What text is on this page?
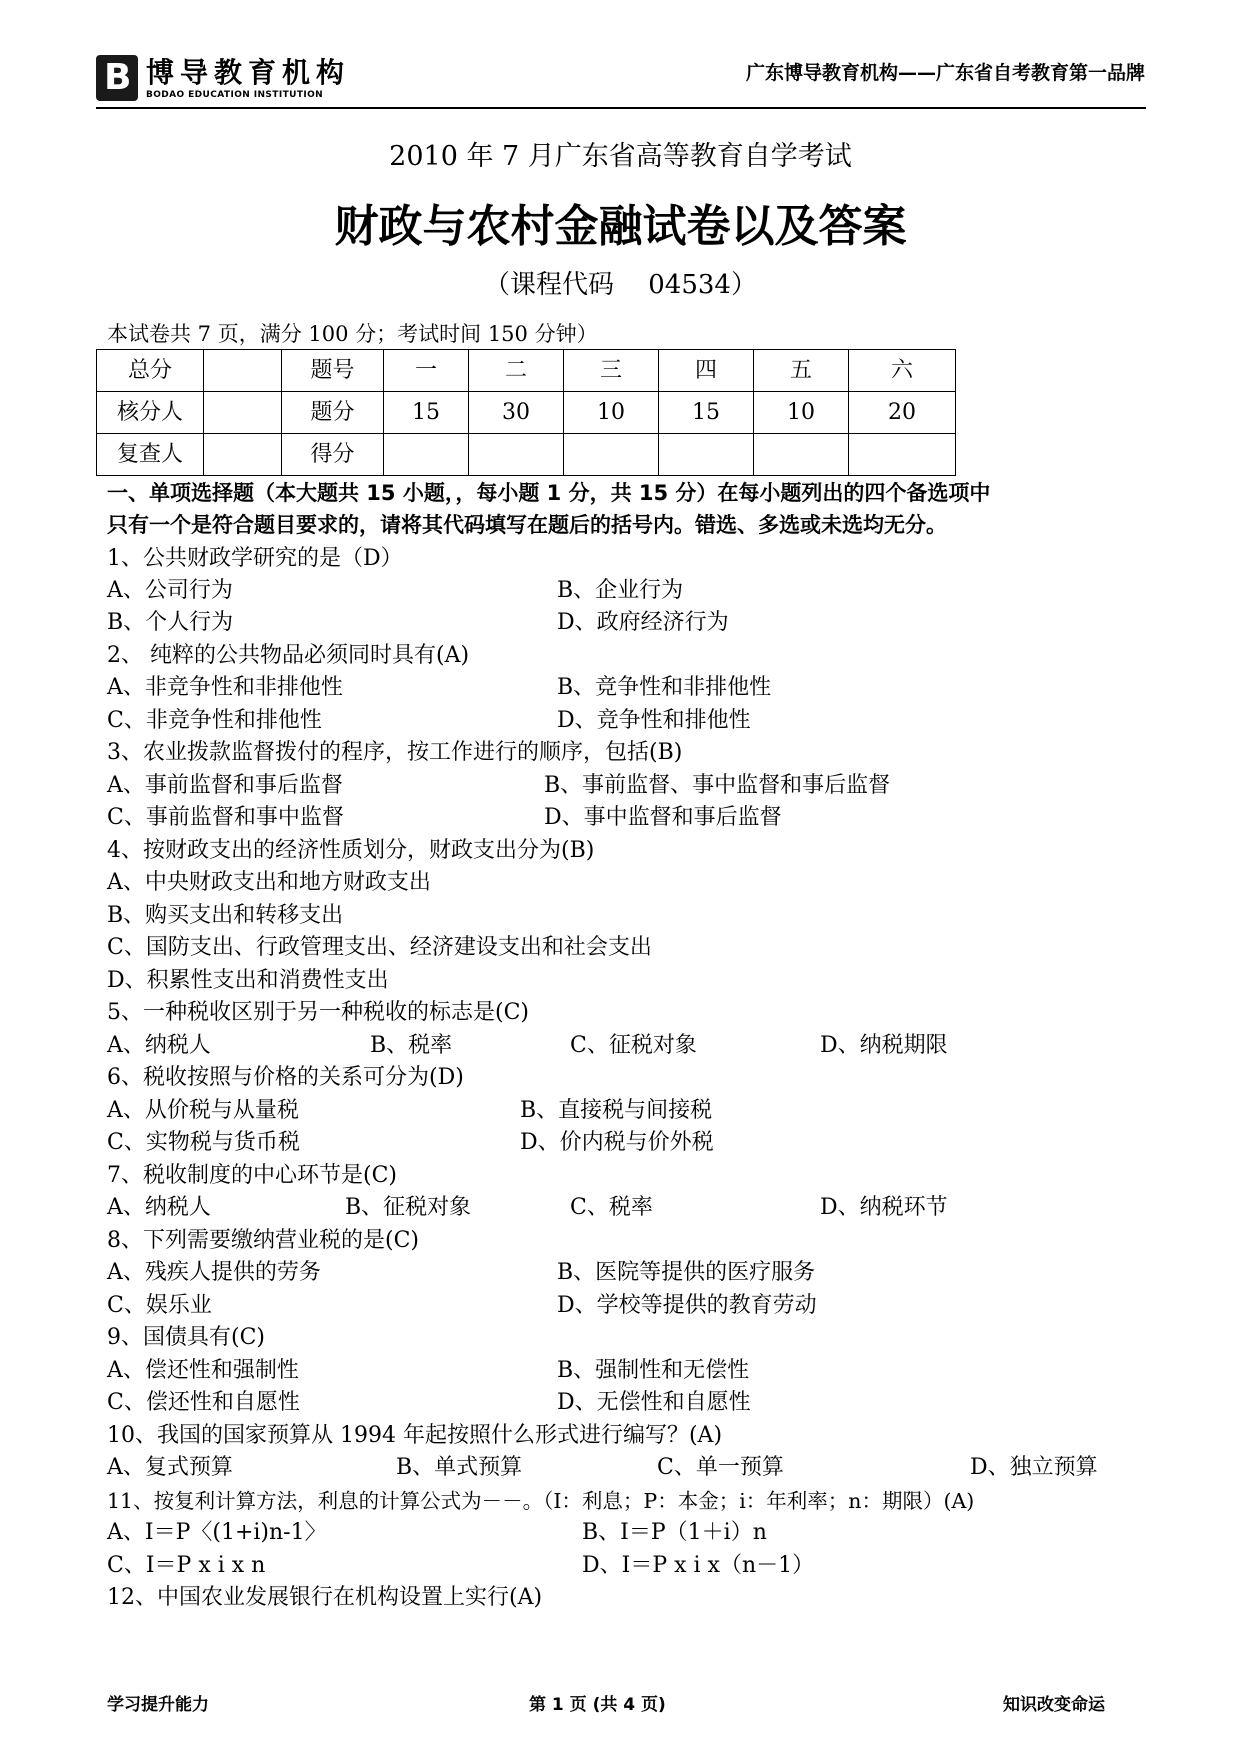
B 博导教育机构
BODAO EDUCATION INSTITUTION
广东博导教育机构——广东省自考教育第一品牌
2010 年 7 月广东省高等教育自学考试
财政与农村金融试卷以及答案
（课程代码　 04534）
本试卷共 7 页，满分 100 分；考试时间 150 分钟）
总分		题号	一	二	三	四	五	六
核分人		题分	15	30	10	15	10	20
复查人		得分						
一、单项选择题（本大题共 15 小题，，每小题 1 分，共 15 分）在每小题列出的四个备选项中
只有一个是符合题目要求的，请将其代码填写在题后的括号内。错选、多选或未选均无分。
1、公共财政学研究的是（D）
A、公司行为	B、企业行为
B、个人行为	D、政府经济行为
2、 纯粹的公共物品必须同时具有(A)
A、非竞争性和非排他性	B、竞争性和非排他性
C、非竞争性和排他性	D、竞争性和排他性
3、农业拨款监督拨付的程序，按工作进行的顺序，包括(B)
A、事前监督和事后监督	B、事前监督、事中监督和事后监督
C、事前监督和事中监督	D、事中监督和事后监督
4、按财政支出的经济性质划分，财政支出分为(B)
A、中央财政支出和地方财政支出
B、购买支出和转移支出
C、国防支出、行政管理支出、经济建设支出和社会支出
D、积累性支出和消费性支出
5、一种税收区别于另一种税收的标志是(C)
A、纳税人	B、税率	C、征税对象	D、纳税期限
6、税收按照与价格的关系可分为(D)
A、从价税与从量税	B、直接税与间接税
C、实物税与货币税	D、价内税与价外税
7、税收制度的中心环节是(C)
A、纳税人	B、征税对象	C、税率	D、纳税环节
8、下列需要缴纳营业税的是(C)
A、残疾人提供的劳务	B、医院等提供的医疗服务
C、娱乐业	D、学校等提供的教育劳动
9、国债具有(C)
A、偿还性和强制性	B、强制性和无偿性
C、偿还性和自愿性	D、无偿性和自愿性
10、我国的国家预算从 1994 年起按照什么形式进行编写？(A)
A、复式预算	B、单式预算	C、单一预算	D、独立预算
11、按复利计算方法，利息的计算公式为－－。（I：利息；P：本金；i：年利率；n：期限）(A)
A、I＝P〈(1+i)n-1〉	B、I＝P（1＋i）n
C、I＝P x i x n	D、I＝P x i x（n－1）
12、中国农业发展银行在机构设置上实行(A)
学习提升能力	第 1 页 (共 4 页)	知识改变命运
